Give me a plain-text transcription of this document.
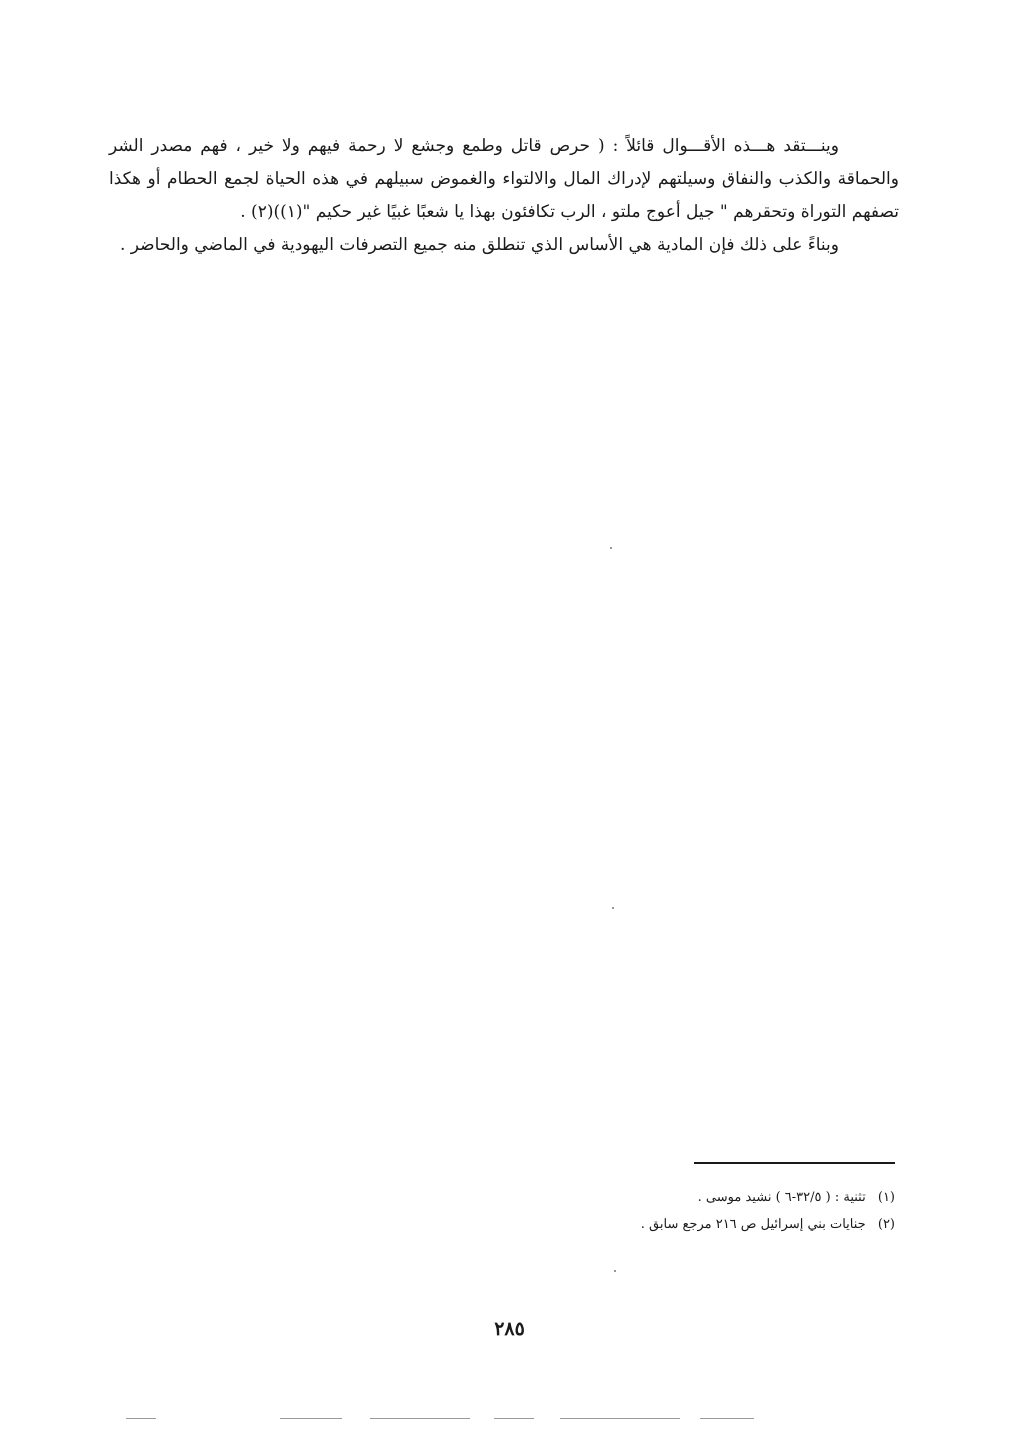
وينـــتقد هـــذه الأقـــوال قائلاً : ( حرص قاتل وطمع وجشع لا رحمة فيهم ولا خير ، فهم مصدر الشر والحماقة والكذب والنفاق وسيلتهم لإدراك المال والالتواء والغموض سبيلهم في هذه الحياة لجمع الحطام أو هكذا تصفهم التوراة وتحقرهم " جيل أعوج ملتو ، الرب تكافئون بهذا يا شعبًا غبيًا غير حكيم "(١))(٢) .

وبناءً على ذلك فإن المادية هي الأساس الذي تنطلق منه جميع التصرفات اليهودية في الماضي والحاضر .

(١) تثنية : ( ٣٢/٥-٦ ) نشيد موسى .

(٢) جنايات بني إسرائيل ص ٢١٦ مرجع سابق .

٢٨٥
